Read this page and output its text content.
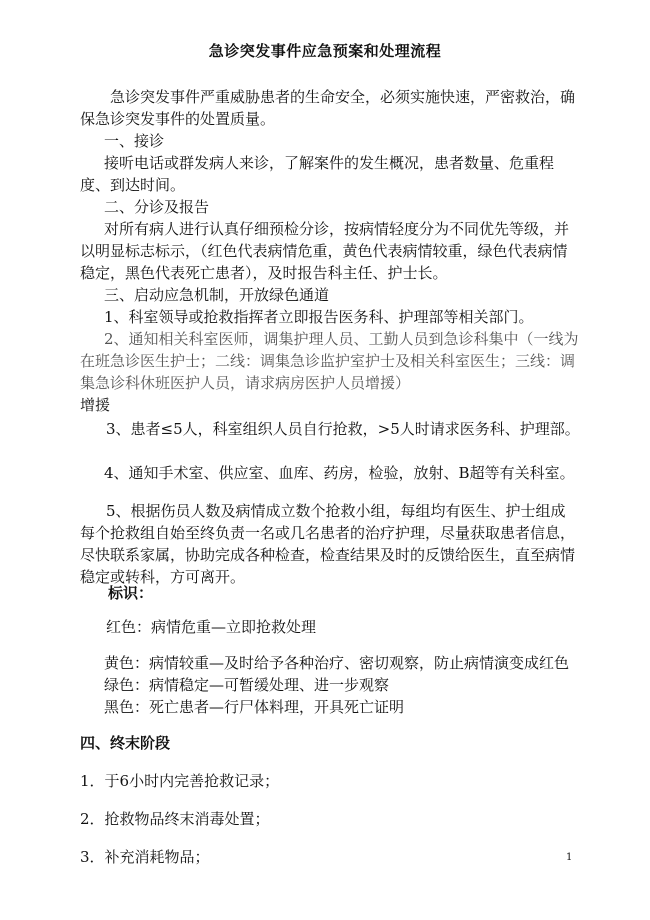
急诊突发事件应急预案和处理流程

急诊突发事件严重威胁患者的生命安全，必须实施快速，严密救治，确保急诊突发事件的处置质量。

一、接诊

接听电话或群发病人来诊，了解案件的发生概况，患者数量、危重程度、到达时间。

二、分诊及报告

对所有病人进行认真仔细预检分诊，按病情轻度分为不同优先等级，并以明显标志标示，（红色代表病情危重，黄色代表病情较重，绿色代表病情稳定，黑色代表死亡患者），及时报告科主任、护士长。

三、启动应急机制，开放绿色通道

1、科室领导或抢救指挥者立即报告医务科、护理部等相关部门。

2、通知相关科室医师，调集护理人员、工勤人员到急诊科集中（一线为在班急诊医生护士；二线：调集急诊监护室护士及相关科室医生；三线：调集急诊科休班医护人员，请求病房医护人员增援）

增援

3、患者≤5人，科室组织人员自行抢救，>5人时请求医务科、护理部。

4、通知手术室、供应室、血库、药房，检验，放射、B超等有关科室。

5、根据伤员人数及病情成立数个抢救小组，每组均有医生、护士组成每个抢救组自始至终负责一名或几名患者的治疗护理，尽量获取患者信息，尽快联系家属，协助完成各种检查，检查结果及时的反馈给医生，直至病情稳定或转科，方可离开。

标识：
红色：病情危重—立即抢救处理
黄色：病情较重—及时给予各种治疗、密切观察，防止病情演变成红色
绿色：病情稳定—可暂缓处理、进一步观察
黑色：死亡患者—行尸体料理，开具死亡证明
四、终末阶段
1．于6小时内完善抢救记录；
2．抢救物品终末消毒处置；
3．补充消耗物品；	1
